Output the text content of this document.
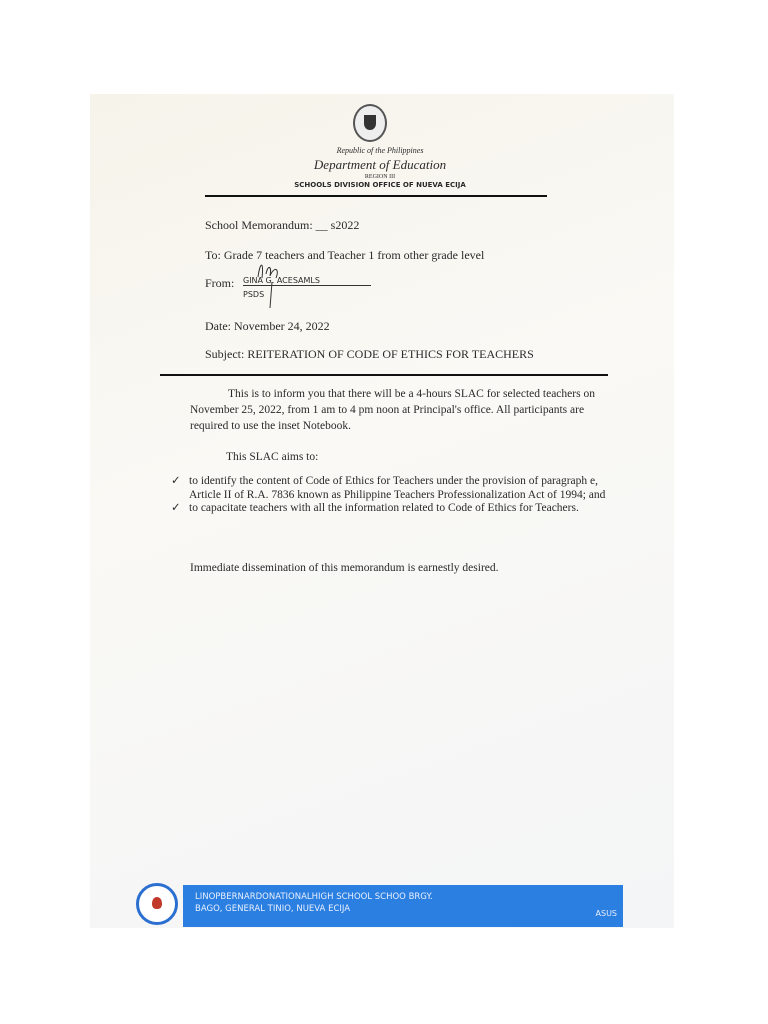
Republic of the Philippines
Department of Education
REGION III
SCHOOLS DIVISION OFFICE OF NUEVA ECIJA
School Memorandum: __ s2022
To: Grade 7 teachers and Teacher 1 from other grade level
From: GINA G. ACESAMLS
PSDS
Date: November 24, 2022
Subject: REITERATION OF CODE OF ETHICS FOR TEACHERS

This is to inform you that there will be a 4-hours SLAC for selected teachers on November 25, 2022, from 1 am to 4 pm noon at Principal's office. All participants are required to use the inset Notebook.

This SLAC aims to:
✓ to identify the content of Code of Ethics for Teachers under the provision of paragraph e, Article II of R.A. 7836 known as Philippine Teachers Professionalization Act of 1994; and
✓ to capacitate teachers with all the information related to Code of Ethics for Teachers.
Immediate dissemination of this memorandum is earnestly desired.
LINOPBERNARDONATIONALHIGH SCHOOL SCHOO BRGY.
BAGO, GENERAL TINIO, NUEVA ECIJA	ASUS
